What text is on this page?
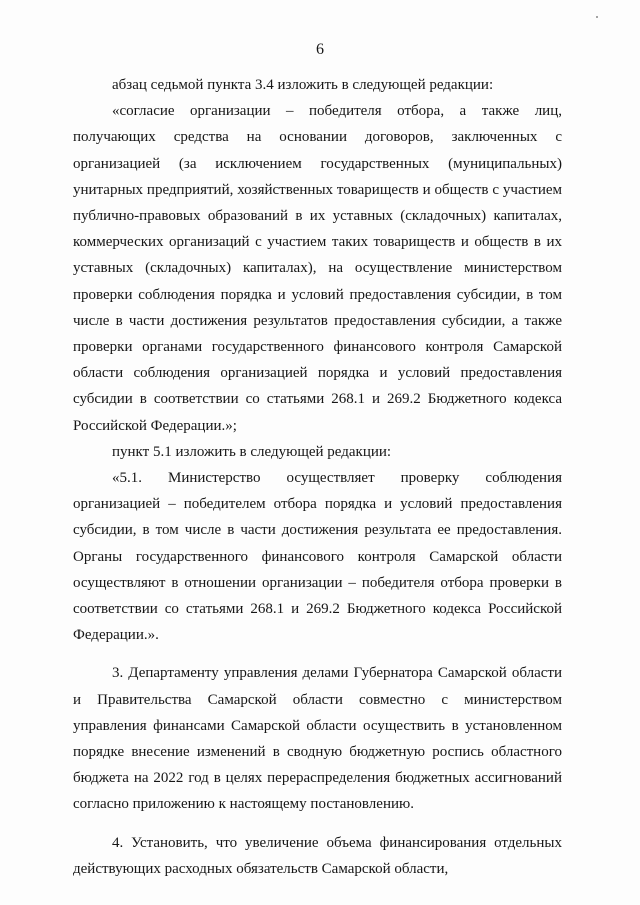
6

абзац седьмой пункта 3.4 изложить в следующей редакции:

«согласие организации – победителя отбора, а также лиц, получающих средства на основании договоров, заключенных с организацией (за исключением государственных (муниципальных) унитарных предприятий, хозяйственных товариществ и обществ с участием публично-правовых образований в их уставных (складочных) капиталах, коммерческих организаций с участием таких товариществ и обществ в их уставных (складочных) капиталах), на осуществление министерством проверки соблюдения порядка и условий предоставления субсидии, в том числе в части достижения результатов предоставления субсидии, а также проверки органами государственного финансового контроля Самарской области соблюдения организацией порядка и условий предоставления субсидии в соответствии со статьями 268.1 и 269.2 Бюджетного кодекса Российской Федерации.»;

пункт 5.1 изложить в следующей редакции:

«5.1. Министерство осуществляет проверку соблюдения организацией – победителем отбора порядка и условий предоставления субсидии, в том числе в части достижения результата ее предоставления. Органы государственного финансового контроля Самарской области осуществляют в отношении организации – победителя отбора проверки в соответствии со статьями 268.1 и 269.2 Бюджетного кодекса Российской Федерации.».

3. Департаменту управления делами Губернатора Самарской области и Правительства Самарской области совместно с министерством управления финансами Самарской области осуществить в установленном порядке внесение изменений в сводную бюджетную роспись областного бюджета на 2022 год в целях перераспределения бюджетных ассигнований согласно приложению к настоящему постановлению.

4. Установить, что увеличение объема финансирования отдельных действующих расходных обязательств Самарской области,
